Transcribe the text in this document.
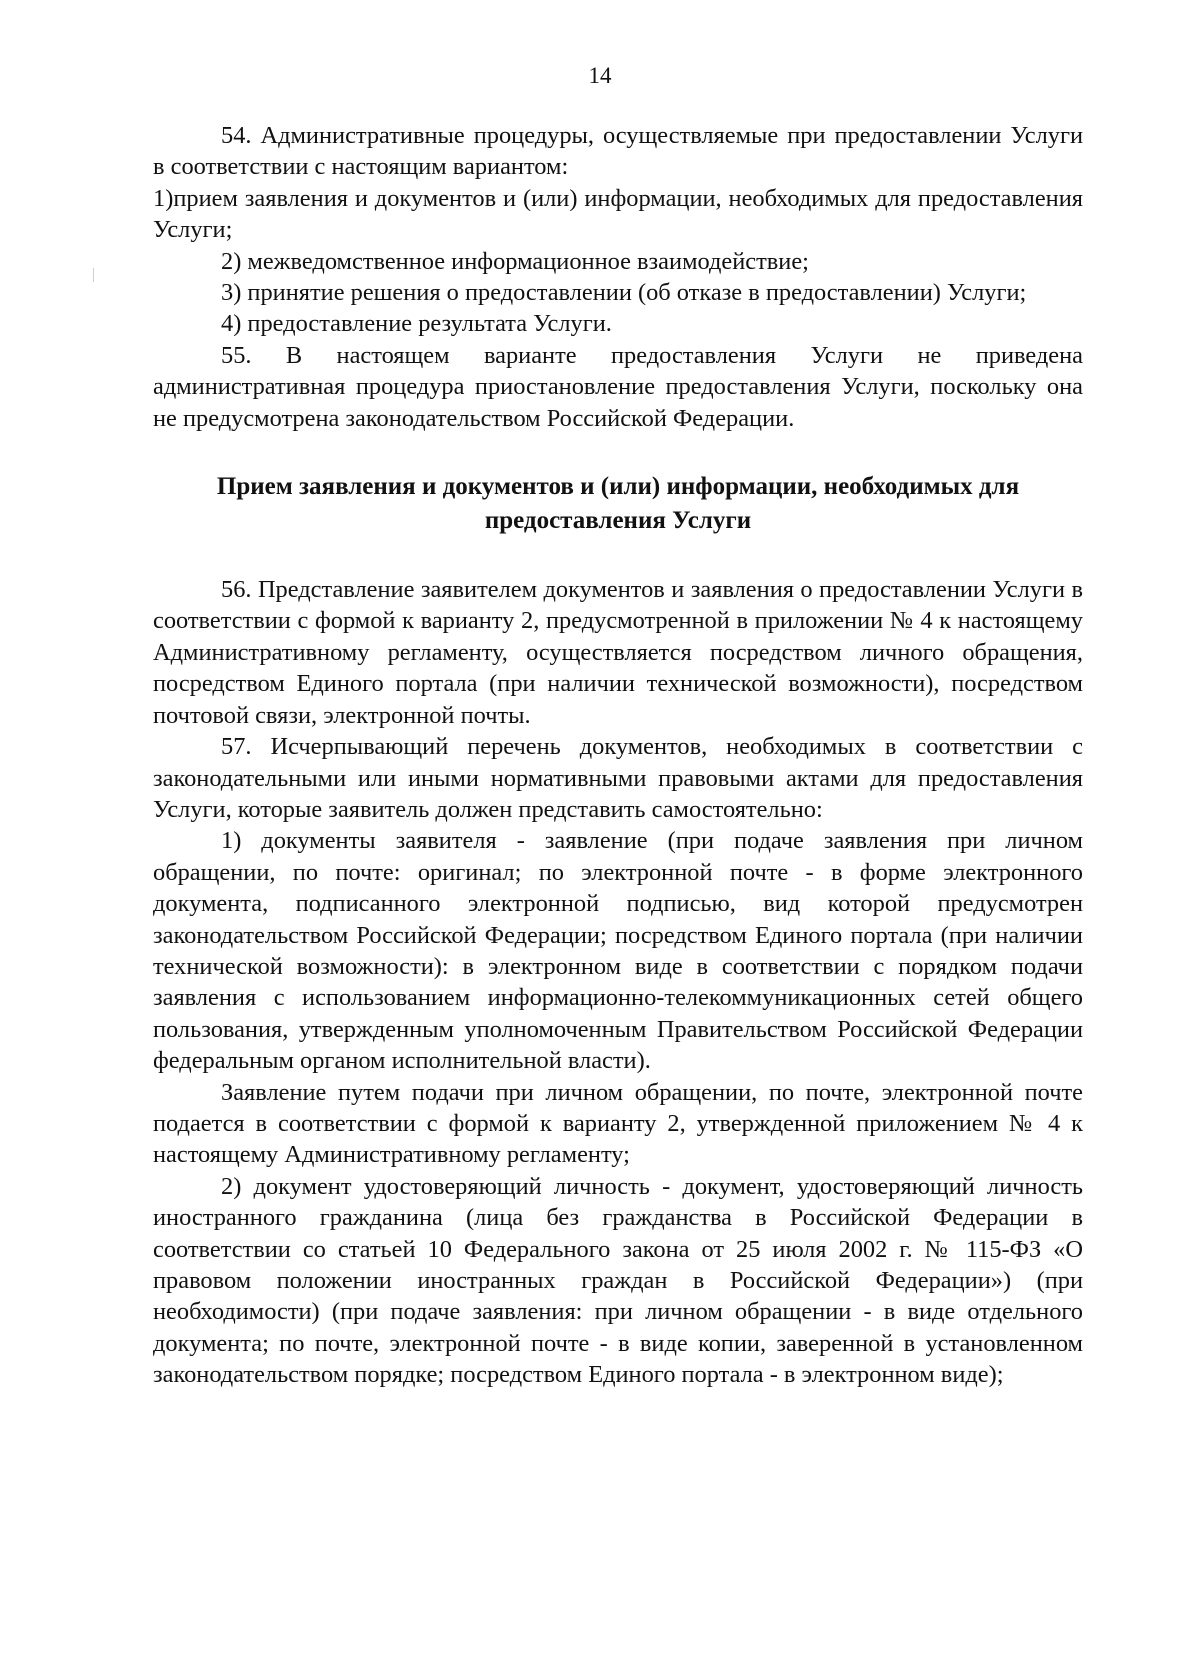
14

54. Административные процедуры, осуществляемые при предоставлении Услуги в соответствии с настоящим вариантом:

1)прием заявления и документов и (или) информации, необходимых для предоставления Услуги;

2) межведомственное информационное взаимодействие;

3) принятие решения о предоставлении (об отказе в предоставлении) Услуги;

4) предоставление результата Услуги.

55. В настоящем варианте предоставления Услуги не приведена административная процедура приостановление предоставления Услуги, поскольку она не предусмотрена законодательством Российской Федерации.

Прием заявления и документов и (или) информации, необходимых для предоставления Услуги

56. Представление заявителем документов и заявления о предоставлении Услуги в соответствии с формой к варианту 2, предусмотренной в приложении № 4 к настоящему Административному регламенту, осуществляется посредством личного обращения, посредством Единого портала (при наличии технической возможности), посредством почтовой связи, электронной почты.

57. Исчерпывающий перечень документов, необходимых в соответствии с законодательными или иными нормативными правовыми актами для предоставления Услуги, которые заявитель должен представить самостоятельно:

1) документы заявителя - заявление (при подаче заявления при личном обращении, по почте: оригинал; по электронной почте - в форме электронного документа, подписанного электронной подписью, вид которой предусмотрен законодательством Российской Федерации; посредством Единого портала (при наличии технической возможности): в электронном виде в соответствии с порядком подачи заявления с использованием информационно-телекоммуникационных сетей общего пользования, утвержденным уполномоченным Правительством Российской Федерации федеральным органом исполнительной власти).

Заявление путем подачи при личном обращении, по почте, электронной почте подается в соответствии с формой к варианту 2, утвержденной приложением № 4 к настоящему Административному регламенту;

2) документ удостоверяющий личность - документ, удостоверяющий личность иностранного гражданина (лица без гражданства в Российской Федерации в соответствии со статьей 10 Федерального закона от 25 июля 2002 г. № 115-ФЗ «О правовом положении иностранных граждан в Российской Федерации») (при необходимости) (при подаче заявления: при личном обращении - в виде отдельного документа; по почте, электронной почте - в виде копии, заверенной в установленном законодательством порядке; посредством Единого портала - в электронном виде);
